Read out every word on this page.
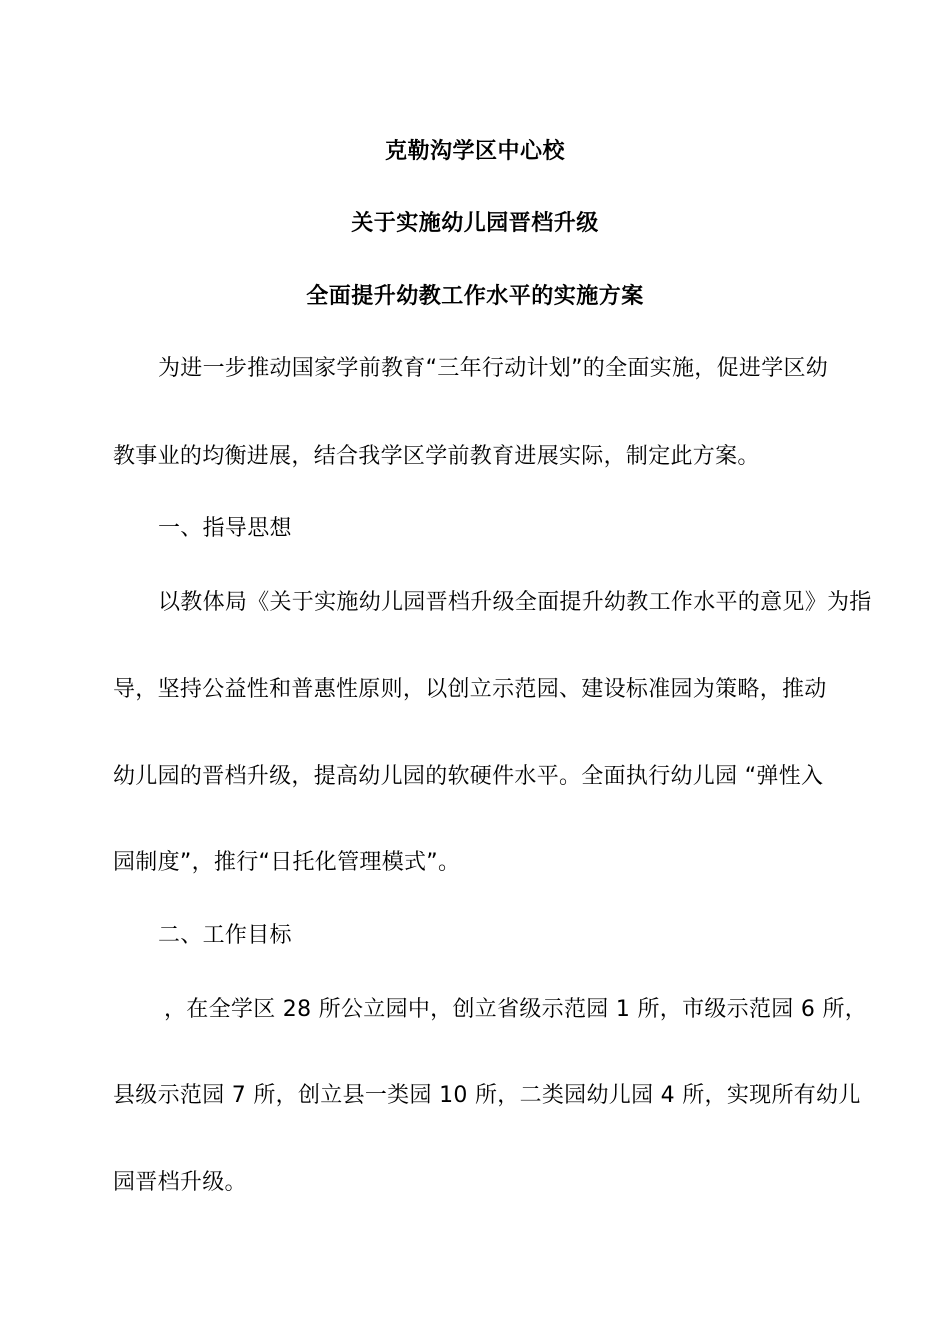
克勒沟学区中心校
关于实施幼儿园晋档升级
全面提升幼教工作水平的实施方案
为进一步推动国家学前教育“三年行动计划”的全面实施，促进学区幼
教事业的均衡进展，结合我学区学前教育进展实际，制定此方案。
一、指导思想
以教体局《关于实施幼儿园晋档升级全面提升幼教工作水平的意见》为指
导，坚持公益性和普惠性原则，以创立示范园、建设标准园为策略，推动
幼儿园的晋档升级，提高幼儿园的软硬件水平。全面执行幼儿园 “弹性入
园制度”，推行“日托化管理模式”。
二、工作目标
，在全学区 28 所公立园中，创立省级示范园 1 所，市级示范园 6 所，
县级示范园 7 所，创立县一类园 10 所，二类园幼儿园 4 所，实现所有幼儿
园晋档升级。
